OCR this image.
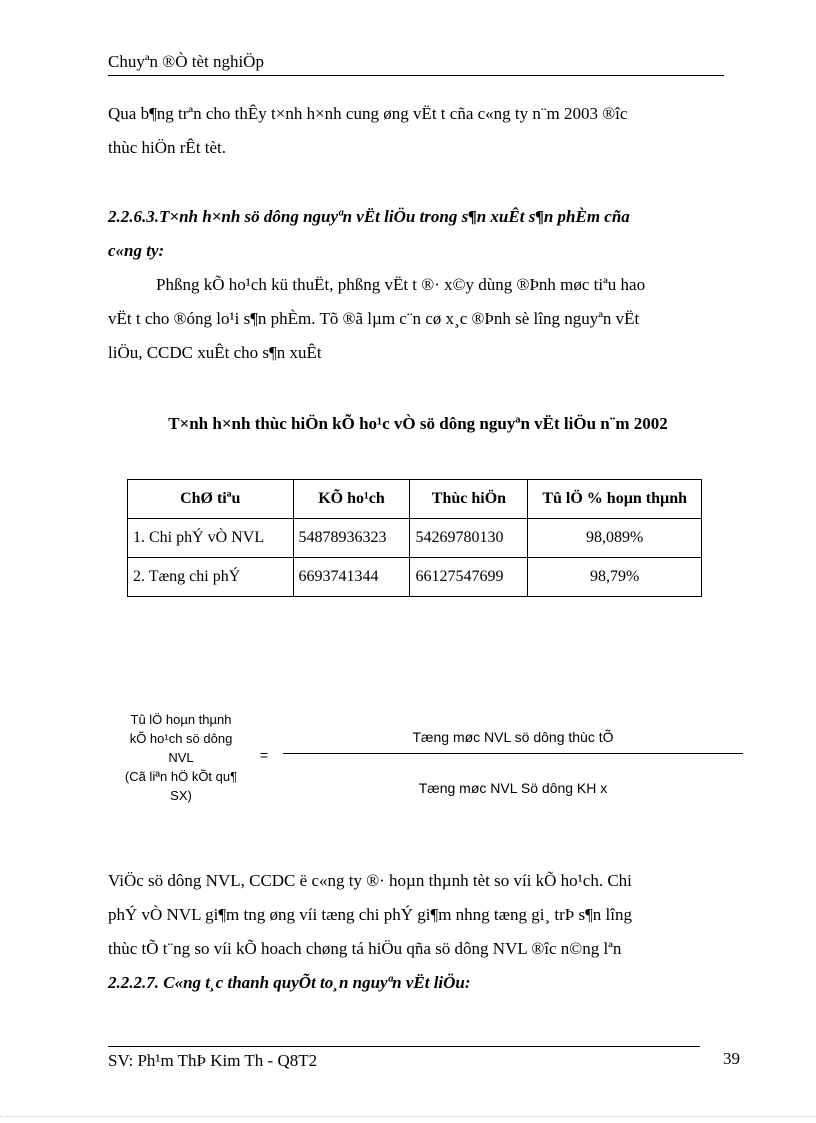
Chuyªn ®Ò tèt nghiÖp
Qua b¶ng trªn cho thÊy t×nh h×nh cung øng vËt t cña c«ng ty n¨m 2003 ®îc
thùc hiÖn rÊt tèt.
2.2.6.3.T×nh h×nh sö dông nguyªn vËt liÖu trong s¶n xuÊt s¶n phÈm cña
c«ng ty:
Phßng kÕ ho¹ch kü thuËt, phßng vËt t ®· x©y dùng ®Þnh møc tiªu hao
vËt t cho ®óng lo¹i s¶n phÈm. Tõ ®ã lµm c¨n cø x¸c ®Þnh sè lîng nguyªn vËt
liÖu, CCDC xuÊt cho s¶n xuÊt
T×nh h×nh thùc hiÖn kÕ ho¹c vÒ sö dông nguyªn vËt liÖu n¨m 2002
ChØ tiªu	KÕ ho¹ch	Thùc hiÖn	Tû lÖ % hoµn thµnh
1. Chi phÝ vÒ NVL	54878936323	54269780130	98,089%
2. Tæng chi phÝ	6693741344	66127547699	98,79%
Tû lÖ hoµn thµnh
kÕ ho¹ch sö dông
NVL
(Cã liªn hÖ kÕt qu¶
SX)
=
Tæng møc NVL sö dông thùc tÕ
Tæng møc NVL Sö dông KH x
ViÖc sö dông NVL, CCDC ë c«ng ty ®· hoµn thµnh tèt so víi kÕ ho¹ch. Chi
phÝ vÒ NVL gi¶m tng øng víi tæng chi phÝ gi¶m nhng tæng gi¸ trÞ s¶n lîng
thùc tÕ t¨ng so víi kÕ hoach chøng tá hiÖu qña sö dông NVL ®îc n©ng lªn
2.2.2.7. C«ng t¸c thanh quyÕt to¸n nguyªn vËt liÖu:
SV: Ph¹m ThÞ Kim Th - Q8T2	39
